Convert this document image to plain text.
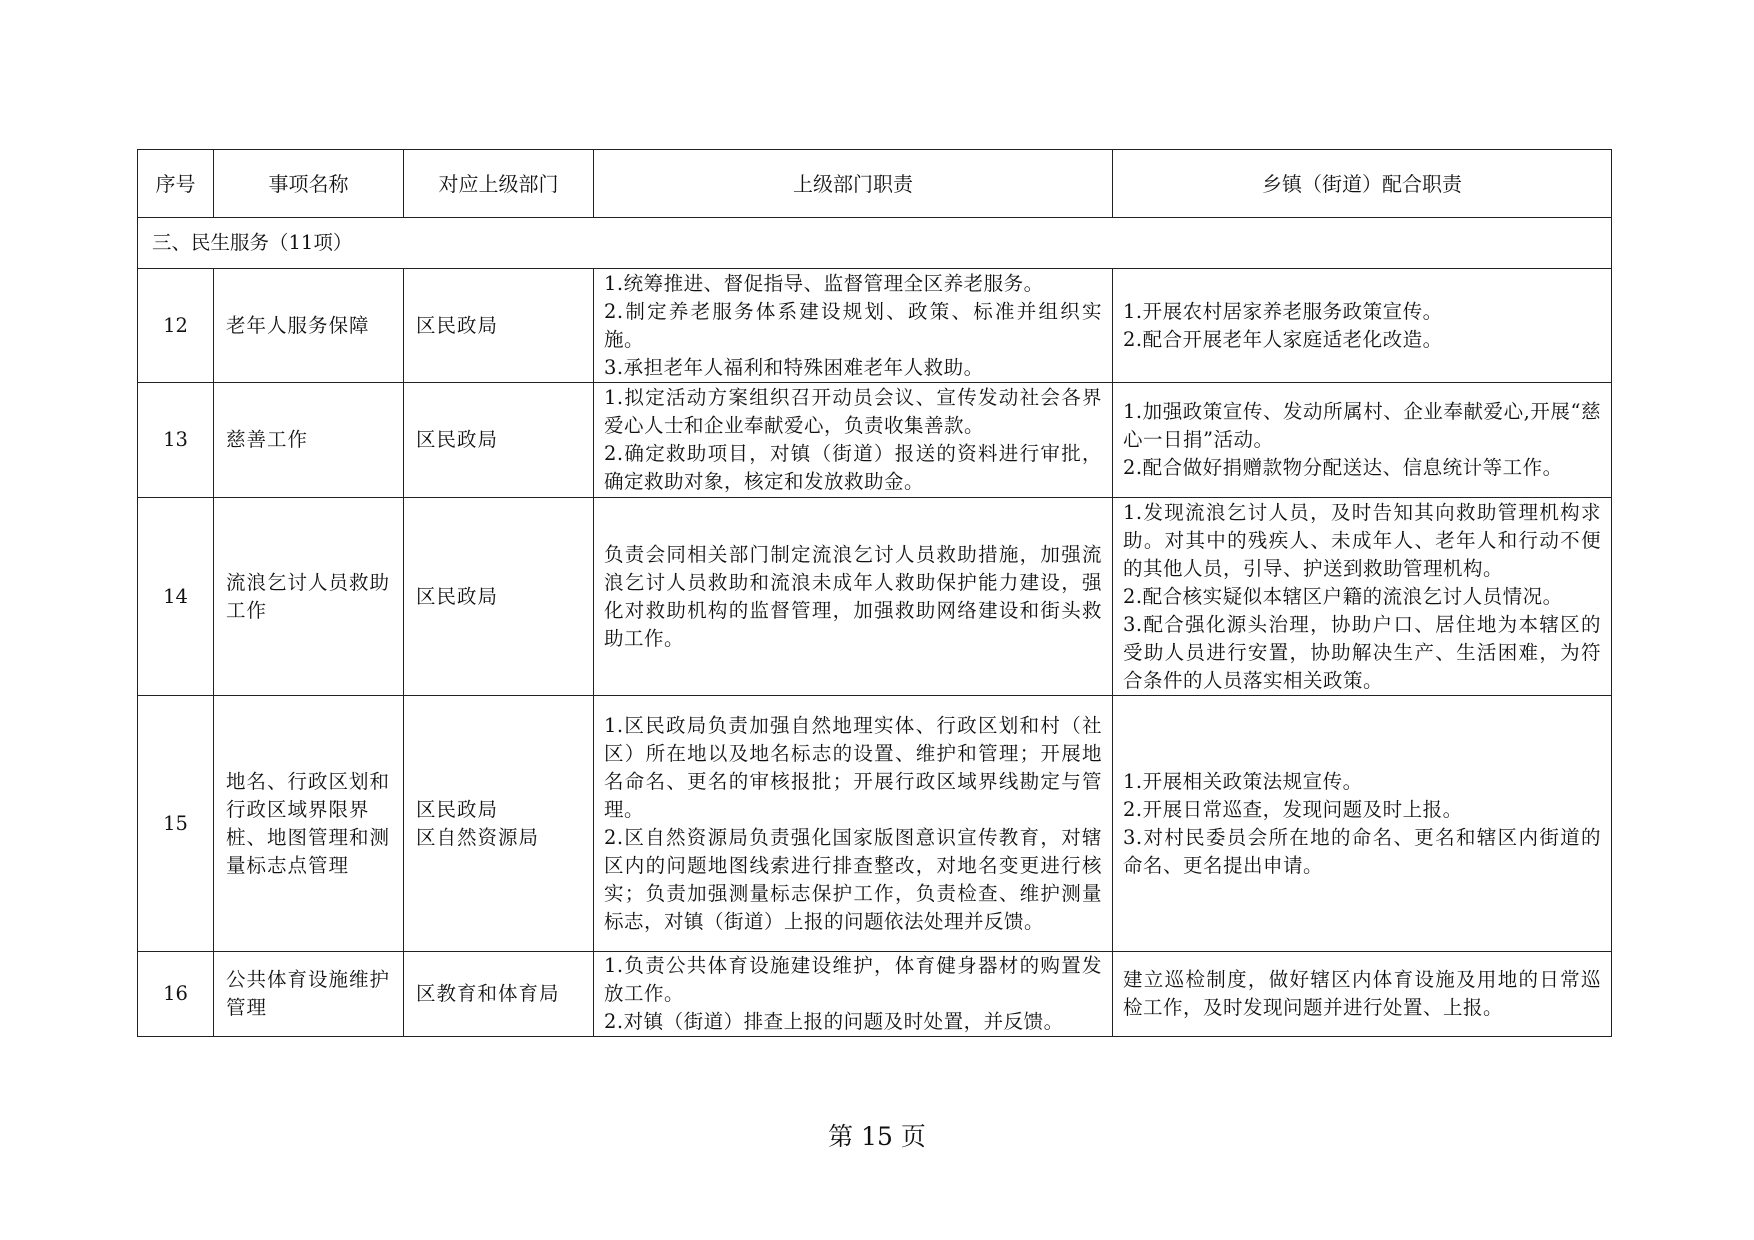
序号	事项名称	对应上级部门	上级部门职责	乡镇（街道）配合职责
三、民生服务（11项）				
12	老年人服务保障	区民政局	1.统筹推进、督促指导、监督管理全区养老服务。
2.制定养老服务体系建设规划、政策、标准并组织实施。
3.承担老年人福利和特殊困难老年人救助。	1.开展农村居家养老服务政策宣传。
2.配合开展老年人家庭适老化改造。

13	慈善工作	区民政局	1.拟定活动方案组织召开动员会议、宣传发动社会各界爱心人士和企业奉献爱心，负责收集善款。
2.确定救助项目，对镇（街道）报送的资料进行审批，确定救助对象，核定和发放救助金。	1.加强政策宣传、发动所属村、企业奉献爱心,开展“慈心一日捐”活动。
2.配合做好捐赠款物分配送达、信息统计等工作。

14	流浪乞讨人员救助工作	区民政局	负责会同相关部门制定流浪乞讨人员救助措施，加强流浪乞讨人员救助和流浪未成年人救助保护能力建设，强化对救助机构的监督管理，加强救助网络建设和街头救助工作。	1.发现流浪乞讨人员，及时告知其向救助管理机构求助。对其中的残疾人、未成年人、老年人和行动不便的其他人员，引导、护送到救助管理机构。
2.配合核实疑似本辖区户籍的流浪乞讨人员情况。
3.配合强化源头治理，协助户口、居住地为本辖区的受助人员进行安置，协助解决生产、生活困难，为符合条件的人员落实相关政策。

15	地名、行政区划和行政区域界限界桩、地图管理和测量标志点管理	区民政局
区自然资源局	1.区民政局负责加强自然地理实体、行政区划和村（社区）所在地以及地名标志的设置、维护和管理；开展地名命名、更名的审核报批；开展行政区域界线勘定与管理。
2.区自然资源局负责强化国家版图意识宣传教育，对辖区内的问题地图线索进行排查整改，对地名变更进行核实；负责加强测量标志保护工作，负责检查、维护测量标志，对镇（街道）上报的问题依法处理并反馈。	1.开展相关政策法规宣传。
2.开展日常巡查，发现问题及时上报。
3.对村民委员会所在地的命名、更名和辖区内街道的命名、更名提出申请。

16	公共体育设施维护管理	区教育和体育局	1.负责公共体育设施建设维护，体育健身器材的购置发放工作。
2.对镇（街道）排查上报的问题及时处置，并反馈。	建立巡检制度，做好辖区内体育设施及用地的日常巡检工作，及时发现问题并进行处置、上报。
第 15 页
